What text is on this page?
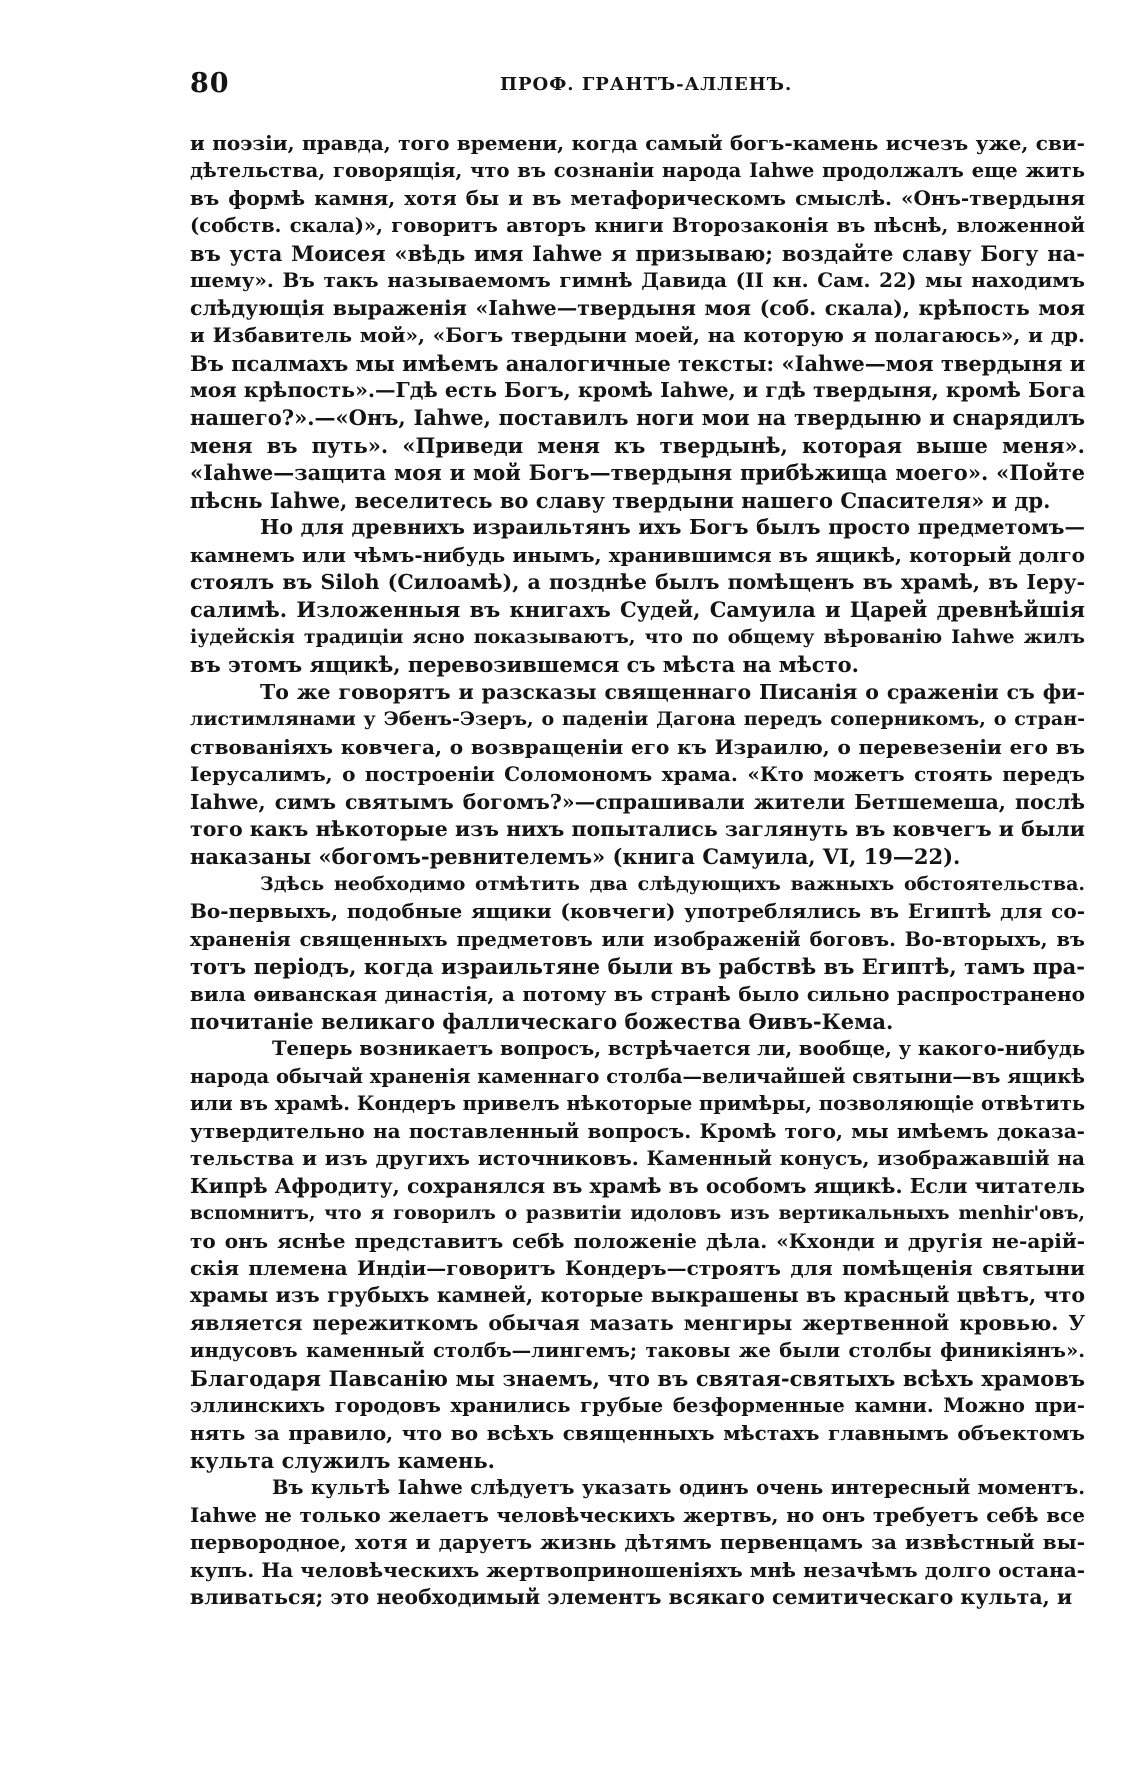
80	ПРОФ. ГРАНТЪ-АЛЛЕНЪ.
и поэзіи, правда, того времени, когда самый богъ-камень исчезъ уже, сви-
дѣтельства, говорящія, что въ сознаніи народа Iahwe продолжалъ еще жить
въ формѣ камня, хотя бы и въ метафорическомъ смыслѣ. «Онъ-твердыня
(собств. скала)», говоритъ авторъ книги Второзаконія въ пѣснѣ, вложенной
въ уста Моисея «вѣдь имя Iahwe я призываю; воздайте славу Богу на-
шему». Въ такъ называемомъ гимнѣ Давида (II кн. Сам. 22) мы находимъ
слѣдующія выраженія «Iahwe—твердыня моя (соб. скала), крѣпость моя
и Избавитель мой», «Богъ твердыни моей, на которую я полагаюсь», и др.
Въ псалмахъ мы имѣемъ аналогичные тексты: «Iahwe—моя твердыня и
моя крѣпость».—Гдѣ есть Богъ, кромѣ Iahwe, и гдѣ твердыня, кромѣ Бога
нашего?».—«Онъ, Iahwe, поставилъ ноги мои на твердыню и снарядилъ
меня въ путь». «Приведи меня къ твердынѣ, которая выше меня».
«Iahwe—защита моя и мой Богъ—твердыня прибѣжища моего». «Пойте
пѣснь Iahwe, веселитесь во славу твердыни нашего Спасителя» и др.
Но для древнихъ израильтянъ ихъ Богъ былъ просто предметомъ—
камнемъ или чѣмъ-нибудь инымъ, хранившимся въ ящикѣ, который долго
стоялъ въ Siloh (Силоамѣ), а позднѣе былъ помѣщенъ въ храмѣ, въ Iеру-
салимѣ. Изложенныя въ книгахъ Судей, Самуила и Царей древнѣйшія
iудейскія традиціи ясно показываютъ, что по общему вѣрованію Iahwe жилъ
въ этомъ ящикѣ, перевозившемся съ мѣста на мѣсто.
То же говорятъ и разсказы священнаго Писанія о сраженіи съ фи-
листимлянами у Эбенъ-Эзеръ, о паденіи Дагона передъ соперникомъ, о стран-
ствованіяхъ ковчега, о возвращеніи его къ Израилю, о перевезеніи его въ
Iерусалимъ, о построеніи Соломономъ храма. «Кто можетъ стоять передъ
Iahwe, симъ святымъ богомъ?»—спрашивали жители Бетшемеша, послѣ
того какъ нѣкоторые изъ нихъ попытались заглянуть въ ковчегъ и были
наказаны «богомъ-ревнителемъ» (книга Самуила, VI, 19—22).
Здѣсь необходимо отмѣтить два слѣдующихъ важныхъ обстоятельства.
Во-первыхъ, подобные ящики (ковчеги) употреблялись въ Египтѣ для со-
храненія священныхъ предметовъ или изображеній боговъ. Во-вторыхъ, въ
тотъ періодъ, когда израильтяне были въ рабствѣ въ Египтѣ, тамъ пра-
вила ѳиванская династія, а потому въ странѣ было сильно распространено
почитаніе великаго фаллическаго божества Ѳивъ-Кема.
Теперь возникаетъ вопросъ, встрѣчается ли, вообще, у какого-нибудь
народа обычай храненія каменнаго столба—величайшей святыни—въ ящикѣ
или въ храмѣ. Кондеръ привелъ нѣкоторые примѣры, позволяющіе отвѣтить
утвердительно на поставленный вопросъ. Кромѣ того, мы имѣемъ доказа-
тельства и изъ другихъ источниковъ. Каменный конусъ, изображавшій на
Кипрѣ Афродиту, сохранялся въ храмѣ въ особомъ ящикѣ. Если читатель
вспомнитъ, что я говорилъ о развитіи идоловъ изъ вертикальныхъ menhir'овъ,
то онъ яснѣе представитъ себѣ положеніе дѣла. «Кхонди и другія не-арій-
скія племена Индіи—говоритъ Кондеръ—строятъ для помѣщенія святыни
храмы изъ грубыхъ камней, которые выкрашены въ красный цвѣтъ, что
является пережиткомъ обычая мазать менгиры жертвенной кровью. У
индусовъ каменный столбъ—лингемъ; таковы же были столбы финикіянъ».
Благодаря Павсанію мы знаемъ, что въ святая-святыхъ всѣхъ храмовъ
эллинскихъ городовъ хранились грубые безформенные камни. Можно при-
нять за правило, что во всѣхъ священныхъ мѣстахъ главнымъ объектомъ
культа служилъ камень.
Въ культѣ Iahwe слѣдуетъ указать одинъ очень интересный моментъ.
Iahwe не только желаетъ человѣческихъ жертвъ, но онъ требуетъ себѣ все
первородное, хотя и даруетъ жизнь дѣтямъ первенцамъ за извѣстный вы-
купъ. На человѣческихъ жертвоприношеніяхъ мнѣ незачѣмъ долго остана-
вливаться; это необходимый элементъ всякаго семитическаго культа, и
